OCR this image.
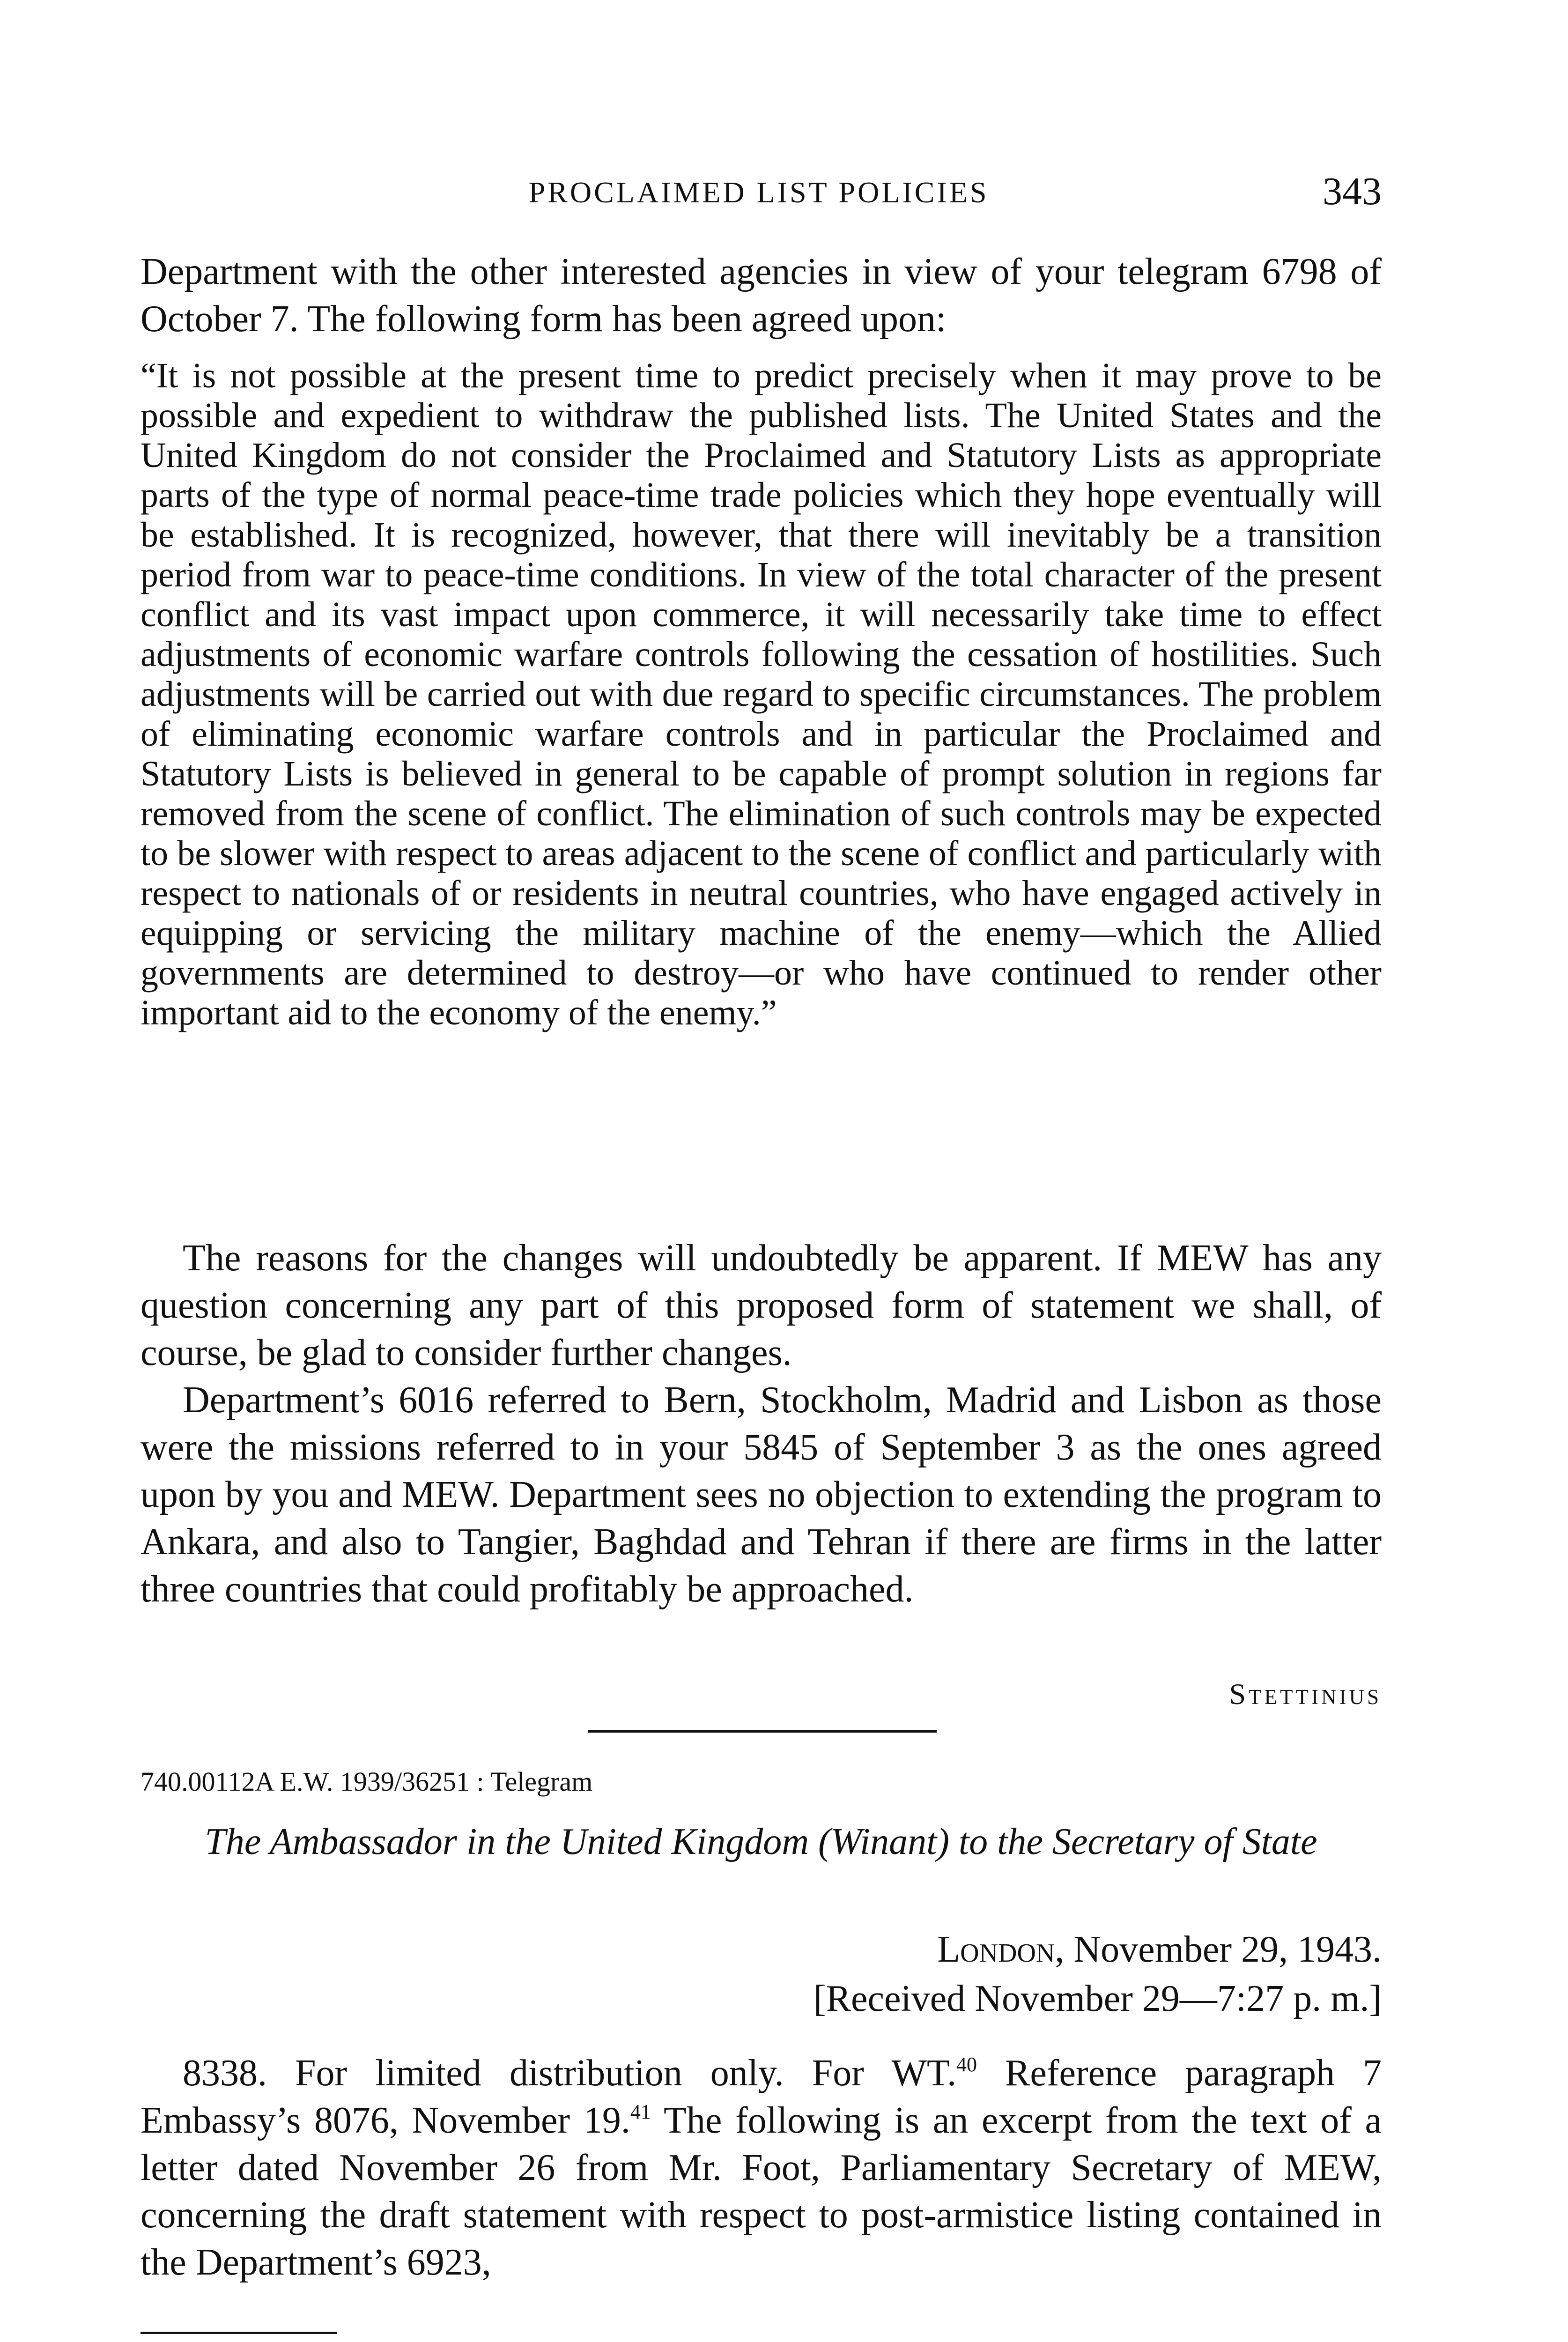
PROCLAIMED LIST POLICIES	343

Department with the other interested agencies in view of your telegram 6798 of October 7. The following form has been agreed upon:

“It is not possible at the present time to predict precisely when it may prove to be possible and expedient to withdraw the published lists. The United States and the United Kingdom do not consider the Proclaimed and Statutory Lists as appropriate parts of the type of normal peace-time trade policies which they hope eventually will be established. It is recognized, however, that there will inevitably be a transition period from war to peace-time conditions. In view of the total character of the present conflict and its vast impact upon commerce, it will necessarily take time to effect adjustments of economic warfare controls following the cessation of hostilities. Such adjustments will be carried out with due regard to specific circumstances. The problem of eliminating economic warfare controls and in particular the Proclaimed and Statutory Lists is believed in general to be capable of prompt solution in regions far removed from the scene of conflict. The elimination of such controls may be expected to be slower with respect to areas adjacent to the scene of conflict and particularly with respect to nationals of or residents in neutral countries, who have engaged actively in equipping or servicing the military machine of the enemy—which the Allied governments are determined to destroy—or who have continued to render other important aid to the economy of the enemy.”

The reasons for the changes will undoubtedly be apparent. If MEW has any question concerning any part of this proposed form of statement we shall, of course, be glad to consider further changes.

Department’s 6016 referred to Bern, Stockholm, Madrid and Lisbon as those were the missions referred to in your 5845 of September 3 as the ones agreed upon by you and MEW. Department sees no objection to extending the program to Ankara, and also to Tangier, Baghdad and Tehran if there are firms in the latter three countries that could profitably be approached.

Stettinius
740.00112A E.W. 1939/36251 : Telegram

The Ambassador in the United Kingdom (Winant) to the Secretary of State

London, November 29, 1943.
[Received November 29—7:27 p. m.]

8338. For limited distribution only. For WT.$^{40}$ Reference paragraph 7 Embassy’s 8076, November 19.41 The following is an excerpt from the text of a letter dated November 26 from Mr. Foot, Parliamentary Secretary of MEW, concerning the draft statement with respect to post-armistice listing contained in the Department’s 6923,
